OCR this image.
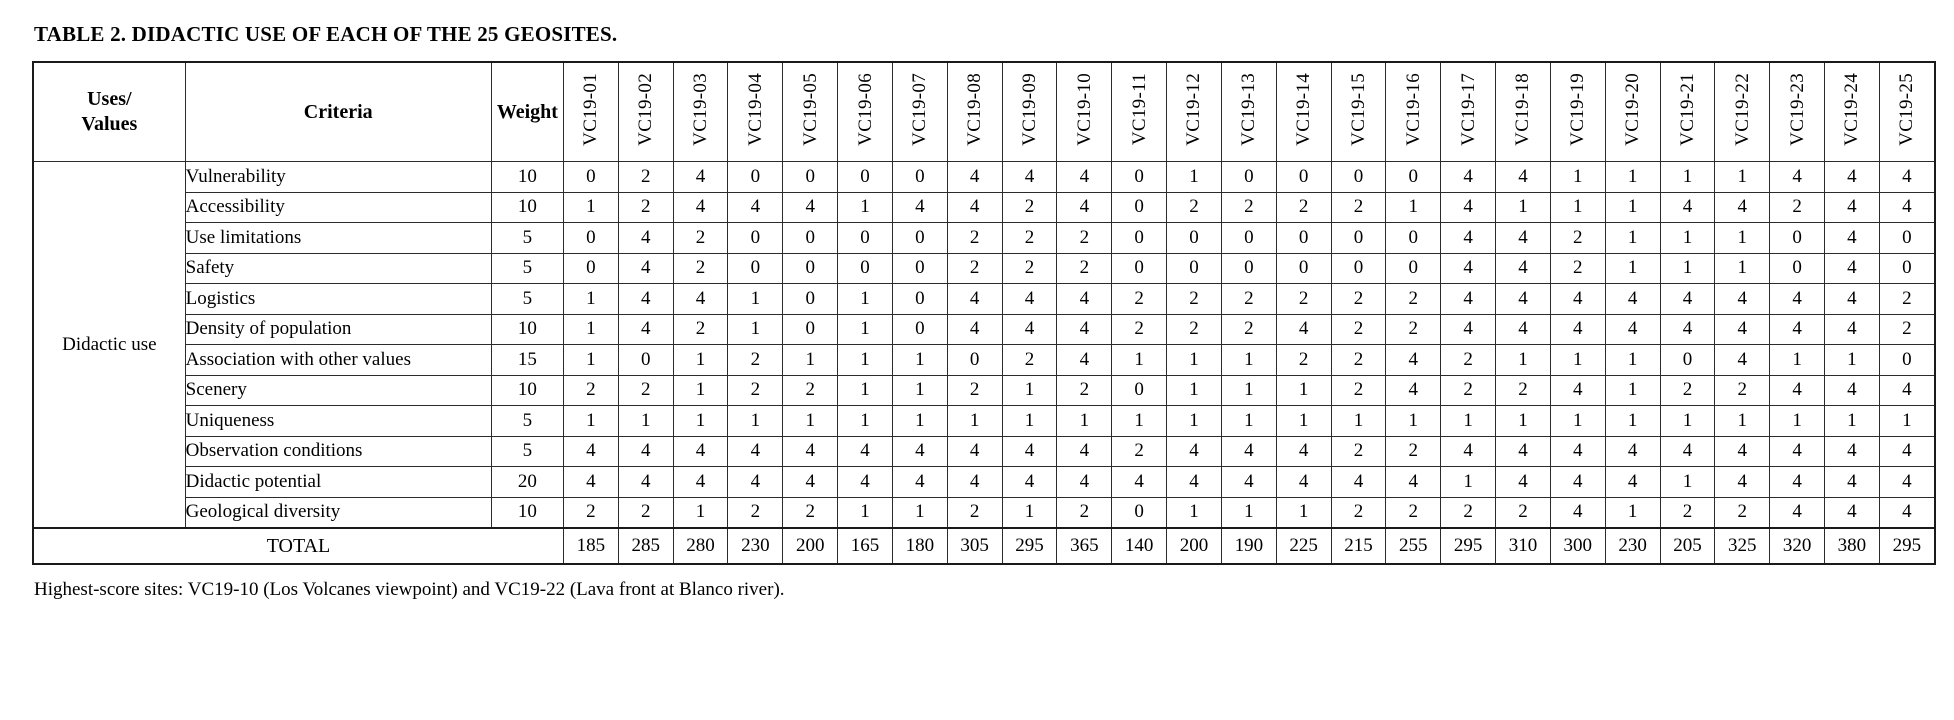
TABLE 2. DIDACTIC USE OF EACH OF THE 25 GEOSITES.
Uses/
Values	Criteria	Weight	VC19-01	VC19-02	VC19-03	VC19-04	VC19-05	VC19-06	VC19-07	VC19-08	VC19-09	VC19-10	VC19-11	VC19-12	VC19-13	VC19-14	VC19-15	VC19-16	VC19-17	VC19-18	VC19-19	VC19-20	VC19-21	VC19-22	VC19-23	VC19-24	VC19-25
Didactic use	Vulnerability	10	0	2	4	0	0	0	0	4	4	4	0	1	0	0	0	0	4	4	1	1	1	1	4	4	4
	Accessibility	10	1	2	4	4	4	1	4	4	2	4	0	2	2	2	2	1	4	1	1	1	4	4	2	4	4
	Use limitations	5	0	4	2	0	0	0	0	2	2	2	0	0	0	0	0	0	4	4	2	1	1	1	0	4	0
	Safety	5	0	4	2	0	0	0	0	2	2	2	0	0	0	0	0	0	4	4	2	1	1	1	0	4	0
	Logistics	5	1	4	4	1	0	1	0	4	4	4	2	2	2	2	2	2	4	4	4	4	4	4	4	4	2
	Density of population	10	1	4	2	1	0	1	0	4	4	4	2	2	2	4	2	2	4	4	4	4	4	4	4	4	2
	Association with other values	15	1	0	1	2	1	1	1	0	2	4	1	1	1	2	2	4	2	1	1	1	0	4	1	1	0
	Scenery	10	2	2	1	2	2	1	1	2	1	2	0	1	1	1	2	4	2	2	4	1	2	2	4	4	4
	Uniqueness	5	1	1	1	1	1	1	1	1	1	1	1	1	1	1	1	1	1	1	1	1	1	1	1	1	1
	Observation conditions	5	4	4	4	4	4	4	4	4	4	4	2	4	4	4	2	2	4	4	4	4	4	4	4	4	4
	Didactic potential	20	4	4	4	4	4	4	4	4	4	4	4	4	4	4	4	4	1	4	4	4	1	4	4	4	4
	Geological diversity	10	2	2	1	2	2	1	1	2	1	2	0	1	1	1	2	2	2	2	4	1	2	2	4	4	4
TOTAL			185	285	280	230	200	165	180	305	295	365	140	200	190	225	215	255	295	310	300	230	205	325	320	380	295
Highest-score sites: VC19-10 (Los Volcanes viewpoint) and VC19-22 (Lava front at Blanco river).
